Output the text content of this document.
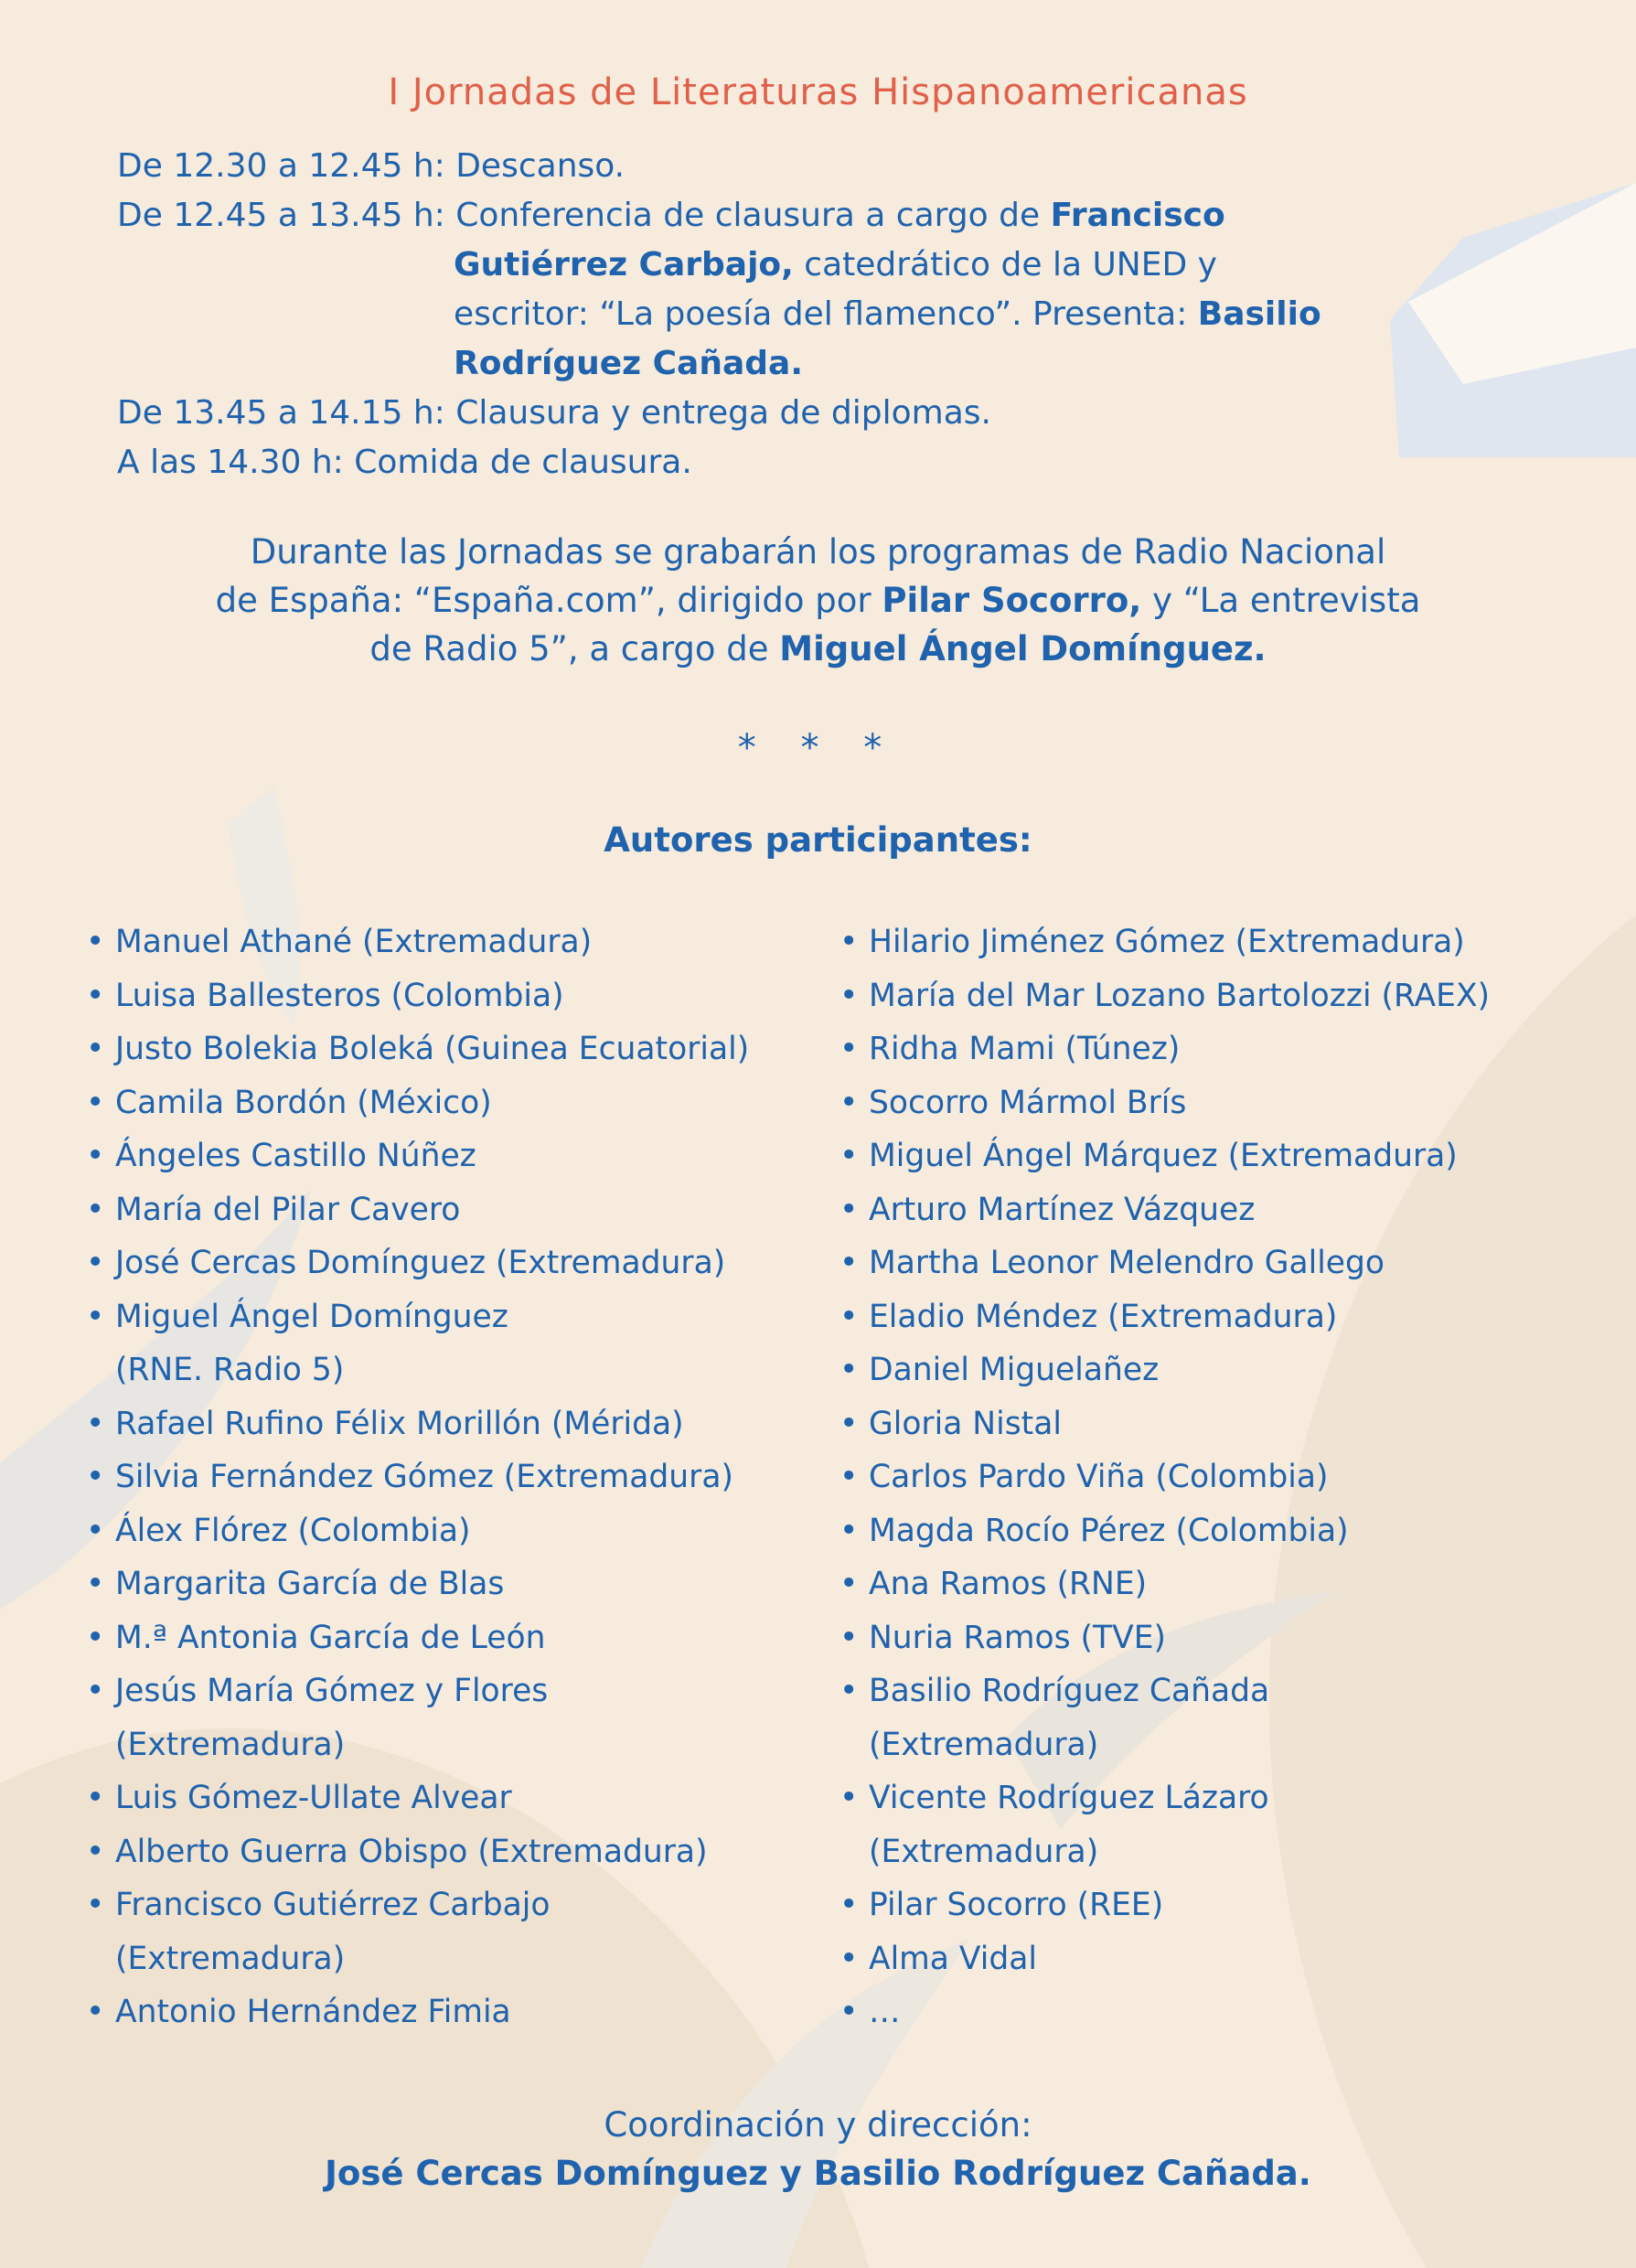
I Jornadas de Literaturas Hispanoamericanas
De 12.30 a 12.45 h: Descanso.
De 12.45 a 13.45 h: Conferencia de clausura a cargo de Francisco
Gutiérrez Carbajo, catedrático de la UNED y
escritor: “La poesía del flamenco”. Presenta: Basilio
Rodríguez Cañada.
De 13.45 a 14.15 h: Clausura y entrega de diplomas.
A las 14.30 h: Comida de clausura.
Durante las Jornadas se grabarán los programas de Radio Nacional
de España: “España.com”, dirigido por Pilar Socorro, y “La entrevista
de Radio 5”, a cargo de Miguel Ángel Domínguez.
* * *
Autores participantes:
• Manuel Athané (Extremadura)
• Luisa Ballesteros (Colombia)
• Justo Bolekia Boleká (Guinea Ecuatorial)
• Camila Bordón (México)
• Ángeles Castillo Núñez
• María del Pilar Cavero
• José Cercas Domínguez (Extremadura)
• Miguel Ángel Domínguez
(RNE. Radio 5)
• Rafael Rufino Félix Morillón (Mérida)
• Silvia Fernández Gómez (Extremadura)
• Álex Flórez (Colombia)
• Margarita García de Blas
• M.ª Antonia García de León
• Jesús María Gómez y Flores
(Extremadura)
• Luis Gómez-Ullate Alvear
• Alberto Guerra Obispo (Extremadura)
• Francisco Gutiérrez Carbajo
(Extremadura)
• Antonio Hernández Fimia
• Hilario Jiménez Gómez (Extremadura)
• María del Mar Lozano Bartolozzi (RAEX)
• Ridha Mami (Túnez)
• Socorro Mármol Brís
• Miguel Ángel Márquez (Extremadura)
• Arturo Martínez Vázquez
• Martha Leonor Melendro Gallego
• Eladio Méndez (Extremadura)
• Daniel Miguelañez
• Gloria Nistal
• Carlos Pardo Viña (Colombia)
• Magda Rocío Pérez (Colombia)
• Ana Ramos (RNE)
• Nuria Ramos (TVE)
• Basilio Rodríguez Cañada
(Extremadura)
• Vicente Rodríguez Lázaro
(Extremadura)
• Pilar Socorro (REE)
• Alma Vidal
• …
Coordinación y dirección:
José Cercas Domínguez y Basilio Rodríguez Cañada.
